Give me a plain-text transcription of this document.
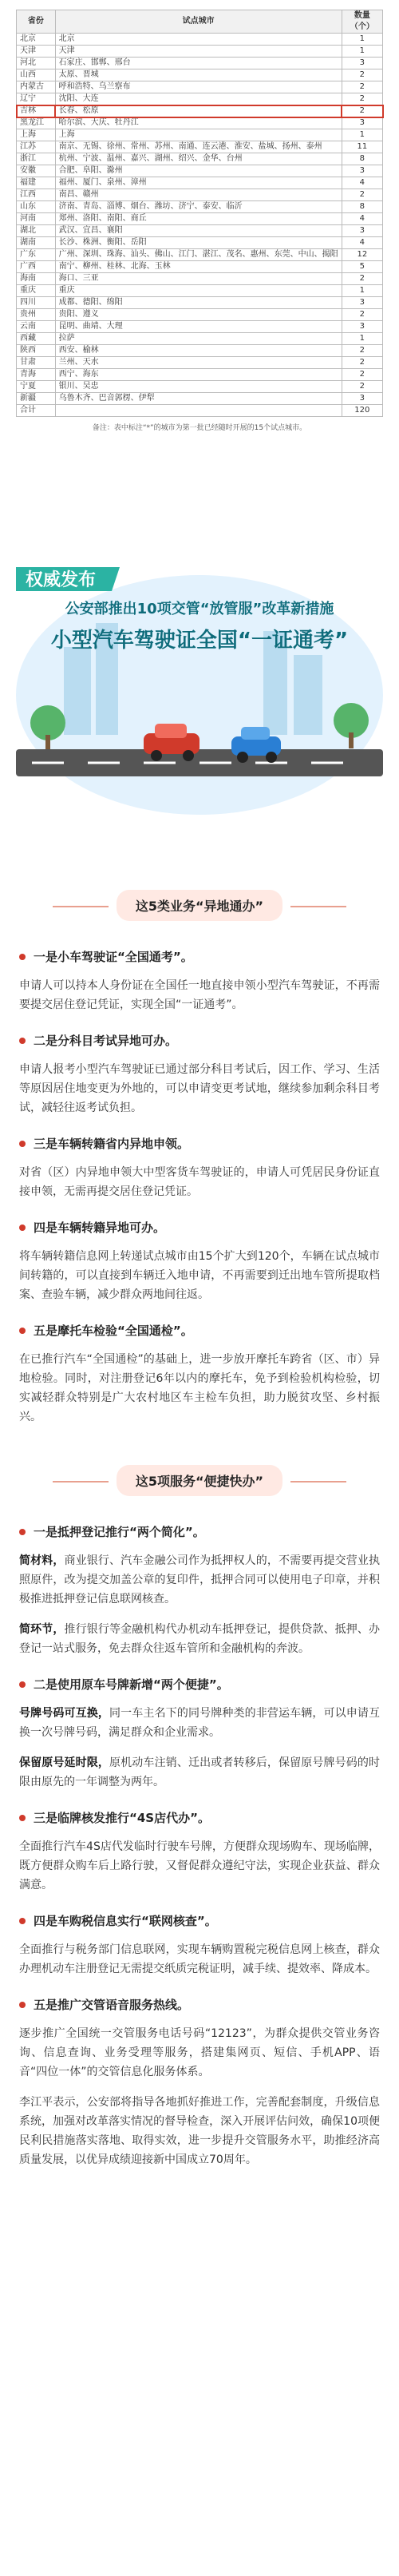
省份	试点城市	数量（个）
北京	北京	1
天津	天津	1
河北	石家庄、邯郸、邢台	3
山西	太原、晋城	2
内蒙古	呼和浩特、乌兰察布	2
辽宁	沈阳、大连	2
吉林	长春、松原	2
黑龙江	哈尔滨、大庆、牡丹江	3
上海	上海	1
江苏	南京、无锡、徐州、常州、苏州、南通、连云港、淮安、盐城、扬州、泰州	11
浙江	杭州、宁波、温州、嘉兴、湖州、绍兴、金华、台州	8
安徽	合肥、阜阳、滁州	3
福建	福州、厦门、泉州、漳州	4
江西	南昌、赣州	2
山东	济南、青岛、淄博、烟台、潍坊、济宁、泰安、临沂	8
河南	郑州、洛阳、南阳、商丘	4
湖北	武汉、宜昌、襄阳	3
湖南	长沙、株洲、衡阳、岳阳	4
广东	广州、深圳、珠海、汕头、佛山、江门、湛江、茂名、惠州、东莞、中山、揭阳	12
广西	南宁、柳州、桂林、北海、玉林	5
海南	海口、三亚	2
重庆	重庆	1
四川	成都、德阳、绵阳	3
贵州	贵阳、遵义	2
云南	昆明、曲靖、大理	3
西藏	拉萨	1
陕西	西安、榆林	2
甘肃	兰州、天水	2
青海	西宁、海东	2
宁夏	银川、吴忠	2
新疆	乌鲁木齐、巴音郭楞、伊犁	3
合计		120
备注：表中标注“*”的城市为第一批已经随时开展的15个试点城市。
权威发布
公安部推出10项交管“放管服”改革新措施
小型汽车驾驶证全国“一证通考”
这5类业务“异地通办”
一是小车驾驶证“全国通考”。

申请人可以持本人身份证在全国任一地直接申领小型汽车驾驶证，不再需要提交居住登记凭证，实现全国“一证通考”。

二是分科目考试异地可办。

申请人报考小型汽车驾驶证已通过部分科目考试后，因工作、学习、生活等原因居住地变更为外地的，可以申请变更考试地，继续参加剩余科目考试，减轻往返考试负担。

三是车辆转籍省内异地申领。

对省（区）内异地申领大中型客货车驾驶证的，申请人可凭居民身份证直接申领，无需再提交居住登记凭证。

四是车辆转籍异地可办。

将车辆转籍信息网上转递试点城市由15个扩大到120个，车辆在试点城市间转籍的，可以直接到车辆迁入地申请，不再需要到迁出地车管所提取档案、查验车辆，减少群众两地间往返。

五是摩托车检验“全国通检”。

在已推行汽车“全国通检”的基础上，进一步放开摩托车跨省（区、市）异地检验。同时，对注册登记6年以内的摩托车，免予到检验机构检验，切实减轻群众特别是广大农村地区车主检车负担，助力脱贫攻坚、乡村振兴。

这5项服务“便捷快办”
一是抵押登记推行“两个简化”。

简材料，商业银行、汽车金融公司作为抵押权人的，不需要再提交营业执照原件，改为提交加盖公章的复印件，抵押合同可以使用电子印章，并积极推进抵押登记信息联网核查。

简环节，推行银行等金融机构代办机动车抵押登记，提供贷款、抵押、办登记一站式服务，免去群众往返车管所和金融机构的奔波。

二是使用原车号牌新增“两个便捷”。

号牌号码可互换，同一车主名下的同号牌种类的非营运车辆，可以申请互换一次号牌号码，满足群众和企业需求。

保留原号延时限，原机动车注销、迁出或者转移后，保留原号牌号码的时限由原先的一年调整为两年。

三是临牌核发推行“4S店代办”。

全面推行汽车4S店代发临时行驶车号牌，方便群众现场购车、现场临牌，既方便群众购车后上路行驶，又督促群众遵纪守法，实现企业获益、群众满意。

四是车购税信息实行“联网核查”。

全面推行与税务部门信息联网，实现车辆购置税完税信息网上核查，群众办理机动车注册登记无需提交纸质完税证明，减手续、提效率、降成本。

五是推广交管语音服务热线。

逐步推广全国统一交管服务电话号码“12123”，为群众提供交管业务咨询、信息查询、业务受理等服务，搭建集网页、短信、手机APP、语音“四位一体”的交管信息化服务体系。

李江平表示，公安部将指导各地抓好推进工作，完善配套制度，升级信息系统，加强对改革落实情况的督导检查，深入开展评估问效，确保10项便民利民措施落实落地、取得实效，进一步提升交管服务水平，助推经济高质量发展，以优异成绩迎接新中国成立70周年。
